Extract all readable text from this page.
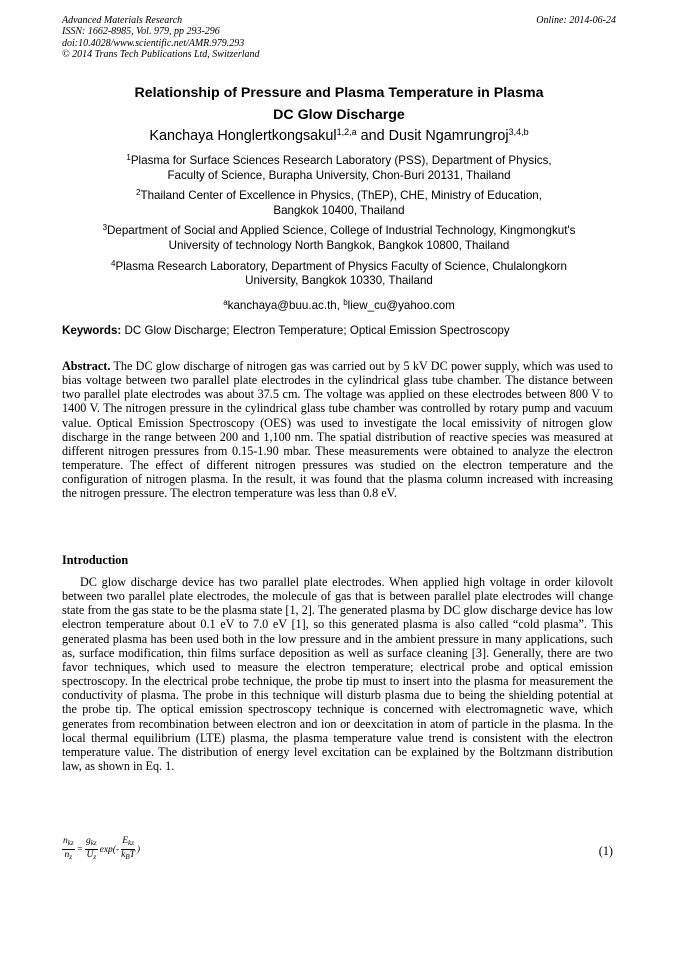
Advanced Materials Research
ISSN: 1662-8985, Vol. 979, pp 293-296
doi:10.4028/www.scientific.net/AMR.979.293
© 2014 Trans Tech Publications Ltd, Switzerland
Online: 2014-06-24
Relationship of Pressure and Plasma Temperature in Plasma
DC Glow Discharge
Kanchaya Honglertkongsakul$^{1,2,a}$ and Dusit Ngamrungroj$^{3,4,b}$
$^1$Plasma for Surface Sciences Research Laboratory (PSS), Department of Physics,
Faculty of Science, Burapha University, Chon-Buri 20131, Thailand
$^2$Thailand Center of Excellence in Physics, (ThEP), CHE, Ministry of Education,
Bangkok 10400, Thailand
$^3$Department of Social and Applied Science, College of Industrial Technology, Kingmongkut's
University of technology North Bangkok, Bangkok 10800, Thailand
$^4$Plasma Research Laboratory, Department of Physics Faculty of Science, Chulalongkorn
University, Bangkok 10330, Thailand
$^a$kanchaya@buu.ac.th, $^b$liew_cu@yahoo.com
Keywords: DC Glow Discharge; Electron Temperature; Optical Emission Spectroscopy
Abstract. The DC glow discharge of nitrogen gas was carried out by 5 kV DC power supply, which was used to bias voltage between two parallel plate electrodes in the cylindrical glass tube chamber. The distance between two parallel plate electrodes was about 37.5 cm. The voltage was applied on these electrodes between 800 V to 1400 V. The nitrogen pressure in the cylindrical glass tube chamber was controlled by rotary pump and vacuum value. Optical Emission Spectroscopy (OES) was used to investigate the local emissivity of nitrogen glow discharge in the range between 200 and 1,100 nm. The spatial distribution of reactive species was measured at different nitrogen pressures from 0.15-1.90 mbar. These measurements were obtained to analyze the electron temperature. The effect of different nitrogen pressures was studied on the electron temperature and the configuration of nitrogen plasma. In the result, it was found that the plasma column increased with increasing the nitrogen pressure. The electron temperature was less than 0.8 eV.
Introduction
DC glow discharge device has two parallel plate electrodes. When applied high voltage in order kilovolt between two parallel plate electrodes, the molecule of gas that is between parallel plate electrodes will change state from the gas state to be the plasma state [1, 2]. The generated plasma by DC glow discharge device has low electron temperature about 0.1 eV to 7.0 eV [1], so this generated plasma is also called “cold plasma”. This generated plasma has been used both in the low pressure and in the ambient pressure in many applications, such as, surface modification, thin films surface deposition as well as surface cleaning [3]. Generally, there are two favor techniques, which used to measure the electron temperature; electrical probe and optical emission spectroscopy. In the electrical probe technique, the probe tip must to insert into the plasma for measurement the conductivity of plasma. The probe in this technique will disturb plasma due to being the shielding potential at the probe tip. The optical emission spectroscopy technique is concerned with electromagnetic wave, which generates from recombination between electron and ion or deexcitation in atom of particle in the plasma. In the local thermal equilibrium (LTE) plasma, the plasma temperature value trend is consistent with the electron temperature value. The distribution of energy level excitation can be explained by the Boltzmann distribution law, as shown in Eq. 1.
$\frac{n_{kz}}{n_z} = \frac{g_{kz}}{U_z} \exp(- \frac{E_{kz}}{k_BT}$ )	(1)
